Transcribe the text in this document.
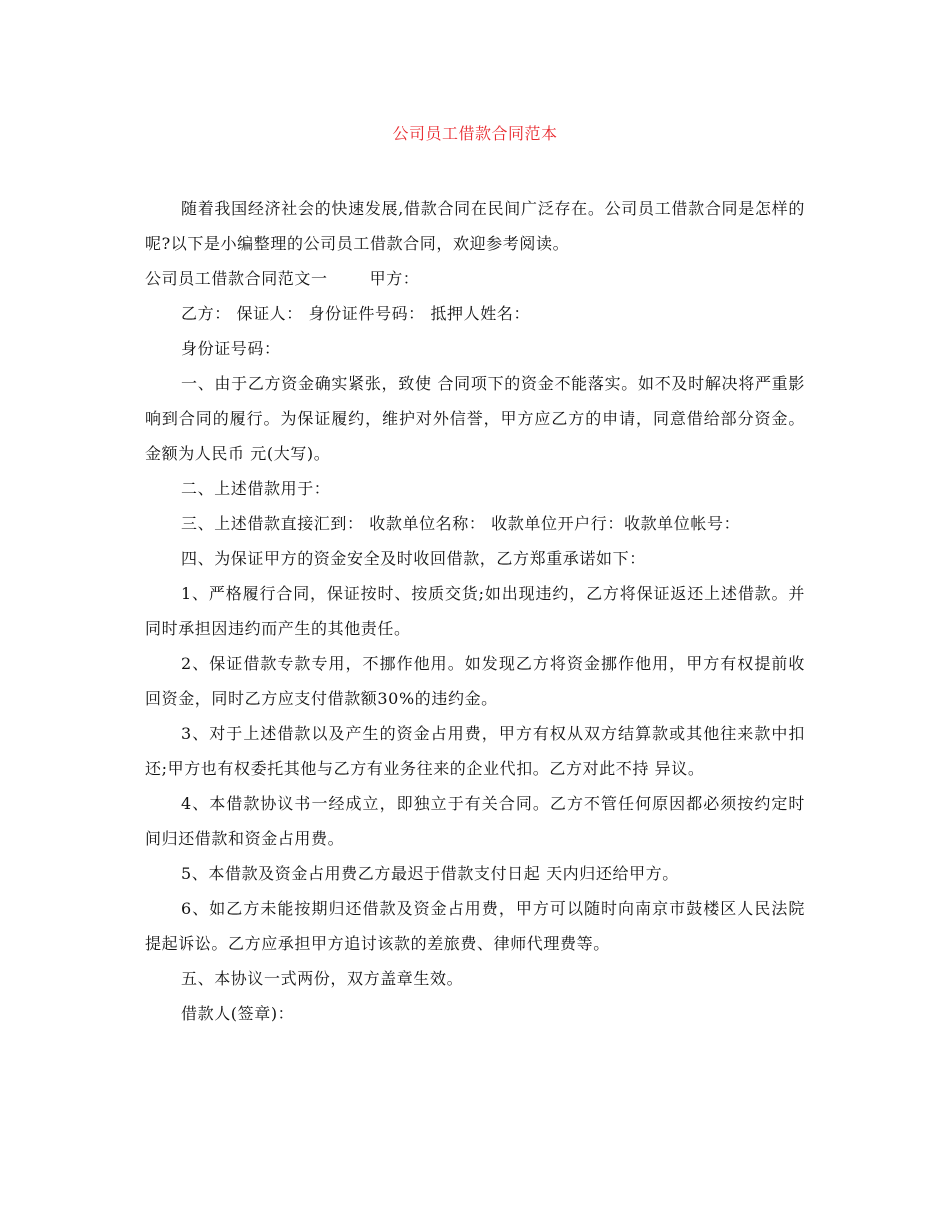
公司员工借款合同范本

随着我国经济社会的快速发展,借款合同在民间广泛存在。公司员工借款合同是怎样的呢?以下是小编整理的公司员工借款合同，欢迎参考阅读。

公司员工借款合同范文一	甲方：

乙方： 保证人： 身份证件号码： 抵押人姓名：

身份证号码：

一、由于乙方资金确实紧张，致使 合同项下的资金不能落实。如不及时解决将严重影响到合同的履行。为保证履约，维护对外信誉，甲方应乙方的申请，同意借给部分资金。金额为人民币 元(大写)。

二、上述借款用于：

三、上述借款直接汇到： 收款单位名称： 收款单位开户行：收款单位帐号：

四、为保证甲方的资金安全及时收回借款，乙方郑重承诺如下：

1、严格履行合同，保证按时、按质交货;如出现违约，乙方将保证返还上述借款。并同时承担因违约而产生的其他责任。

2、保证借款专款专用，不挪作他用。如发现乙方将资金挪作他用，甲方有权提前收回资金，同时乙方应支付借款额30%的违约金。

3、对于上述借款以及产生的资金占用费，甲方有权从双方结算款或其他往来款中扣还;甲方也有权委托其他与乙方有业务往来的企业代扣。乙方对此不持 异议。

4、本借款协议书一经成立，即独立于有关合同。乙方不管任何原因都必须按约定时间归还借款和资金占用费。

5、本借款及资金占用费乙方最迟于借款支付日起 天内归还给甲方。

6、如乙方未能按期归还借款及资金占用费，甲方可以随时向南京市鼓楼区人民法院提起诉讼。乙方应承担甲方追讨该款的差旅费、律师代理费等。

五、本协议一式两份，双方盖章生效。

借款人(签章)：
